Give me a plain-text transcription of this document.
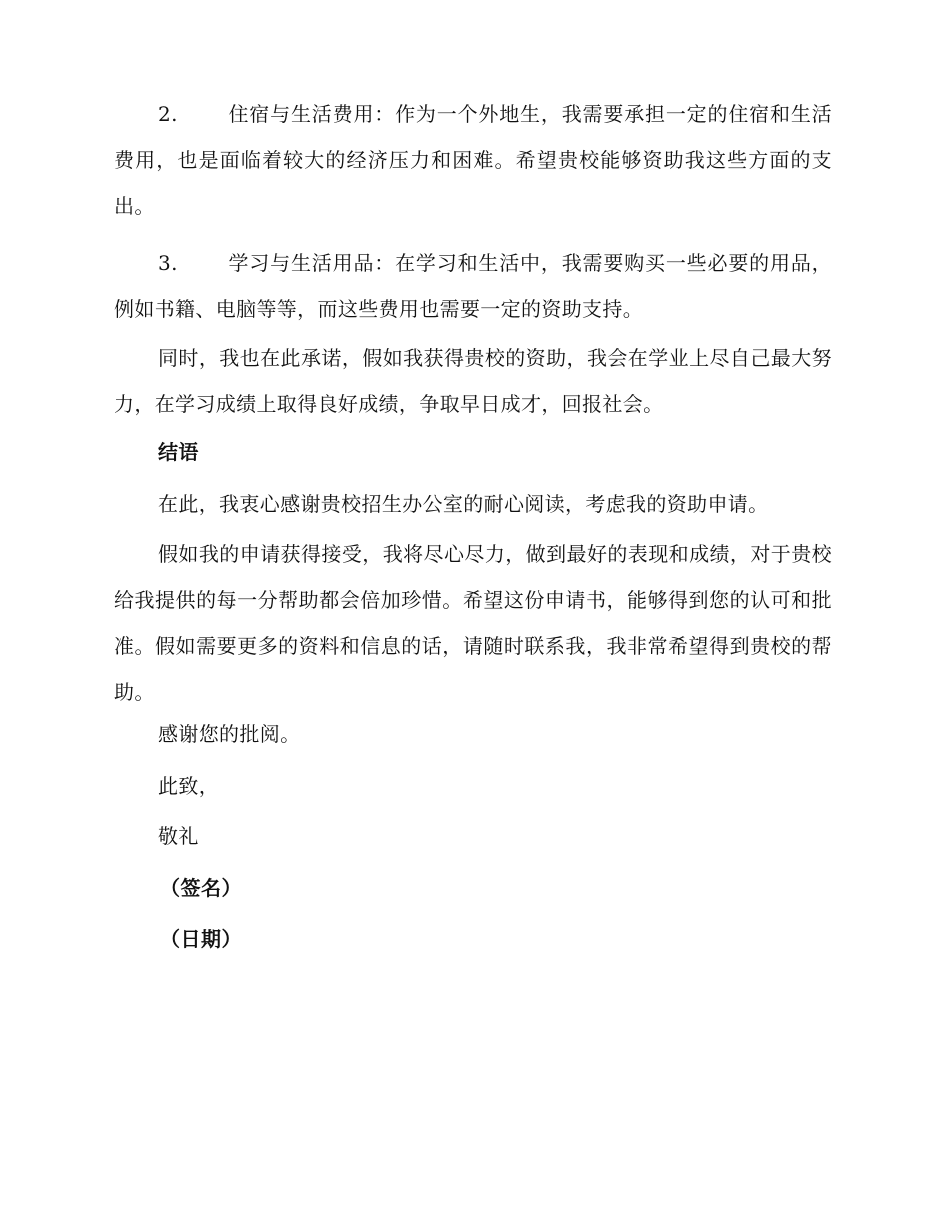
2.	住宿与生活费用：作为一个外地生，我需要承担一定的住宿和生活费用，也是面临着较大的经济压力和困难。希望贵校能够资助我这些方面的支出。

3.	学习与生活用品：在学习和生活中，我需要购买一些必要的用品，例如书籍、电脑等等，而这些费用也需要一定的资助支持。

同时，我也在此承诺，假如我获得贵校的资助，我会在学业上尽自己最大努力，在学习成绩上取得良好成绩，争取早日成才，回报社会。

结语

在此，我衷心感谢贵校招生办公室的耐心阅读，考虑我的资助申请。

假如我的申请获得接受，我将尽心尽力，做到最好的表现和成绩，对于贵校给我提供的每一分帮助都会倍加珍惜。希望这份申请书，能够得到您的认可和批准。假如需要更多的资料和信息的话，请随时联系我，我非常希望得到贵校的帮助。

感谢您的批阅。

此致，

敬礼

（签名）

（日期）
